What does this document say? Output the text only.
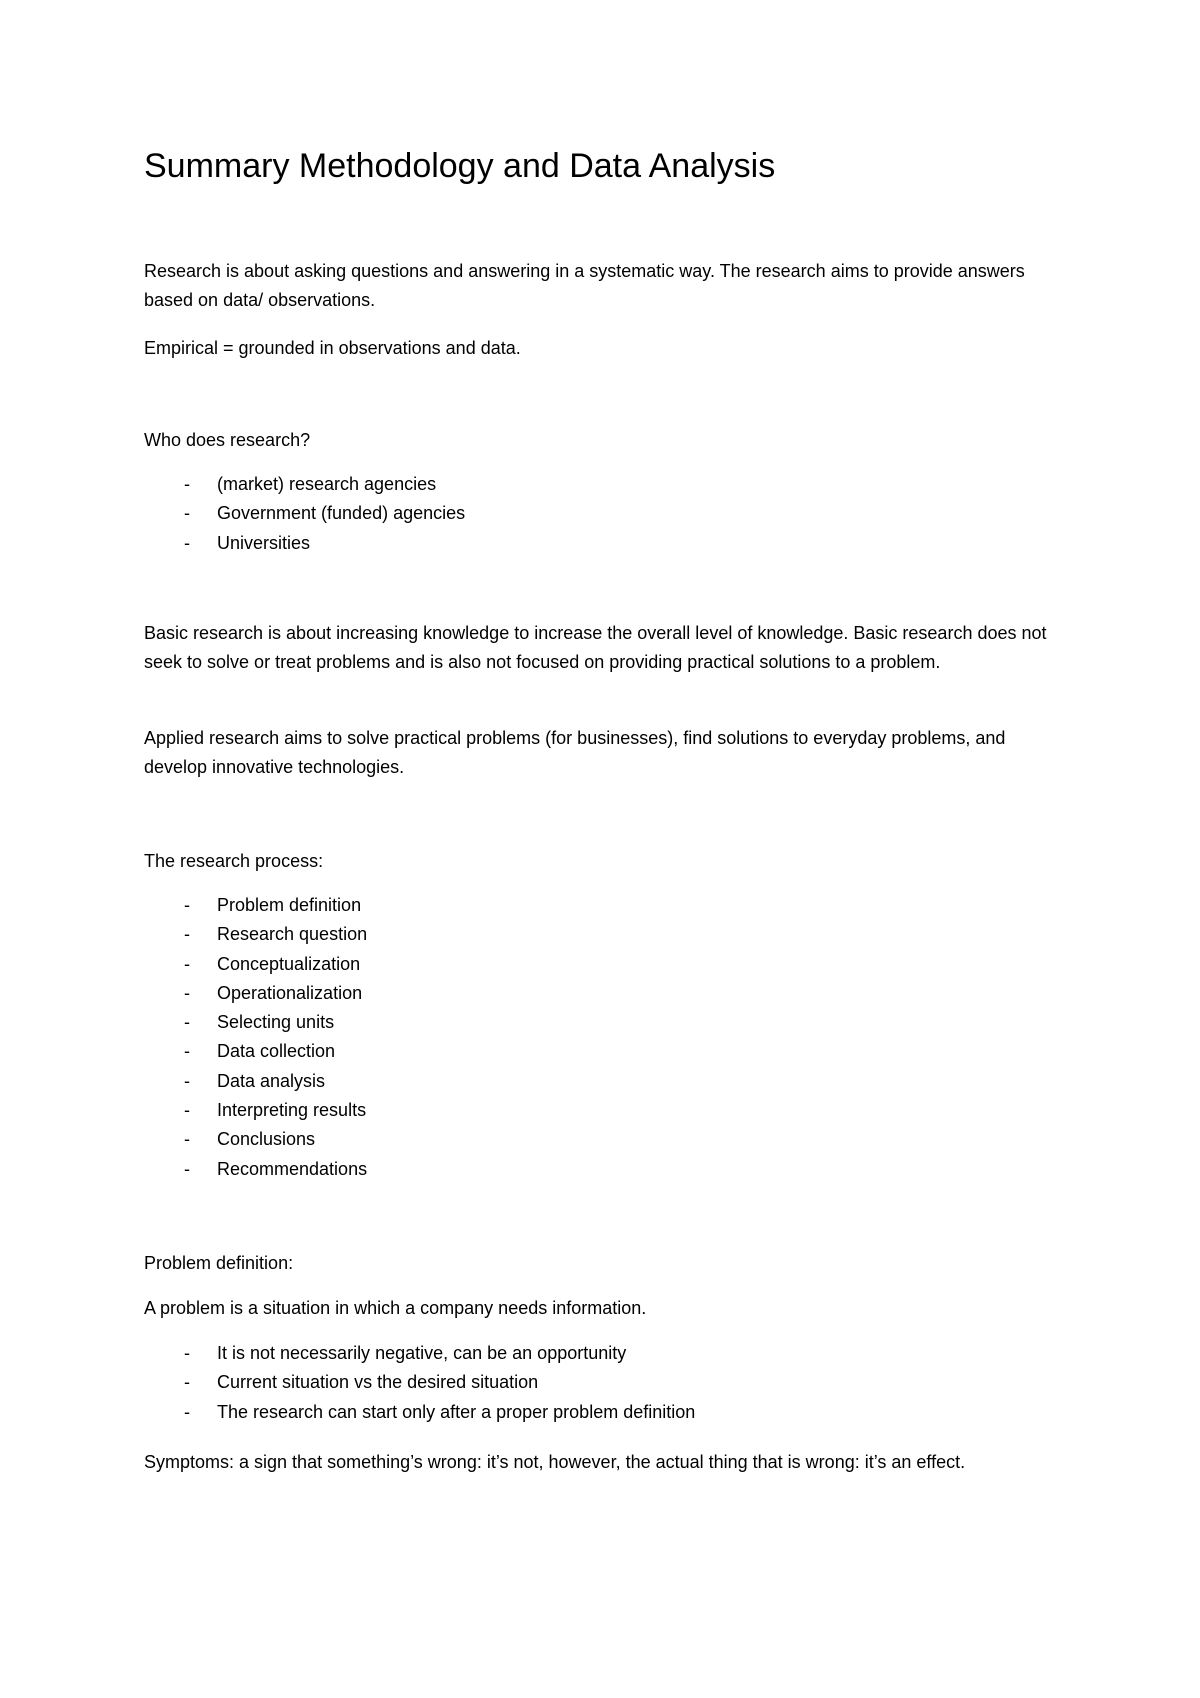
Summary Methodology and Data Analysis

Research is about asking questions and answering in a systematic way. The research aims to provide answers based on data/ observations.

Empirical = grounded in observations and data.

Who does research?

- (market) research agencies
- Government (funded) agencies
- Universities

Basic research is about increasing knowledge to increase the overall level of knowledge. Basic research does not seek to solve or treat problems and is also not focused on providing practical solutions to a problem.

Applied research aims to solve practical problems (for businesses), find solutions to everyday problems, and develop innovative technologies.

The research process:

- Problem definition
- Research question
- Conceptualization
- Operationalization
- Selecting units
- Data collection
- Data analysis
- Interpreting results
- Conclusions
- Recommendations

Problem definition:

A problem is a situation in which a company needs information.

- It is not necessarily negative, can be an opportunity
- Current situation vs the desired situation
- The research can start only after a proper problem definition

Symptoms: a sign that something’s wrong: it’s not, however, the actual thing that is wrong: it’s an effect.
